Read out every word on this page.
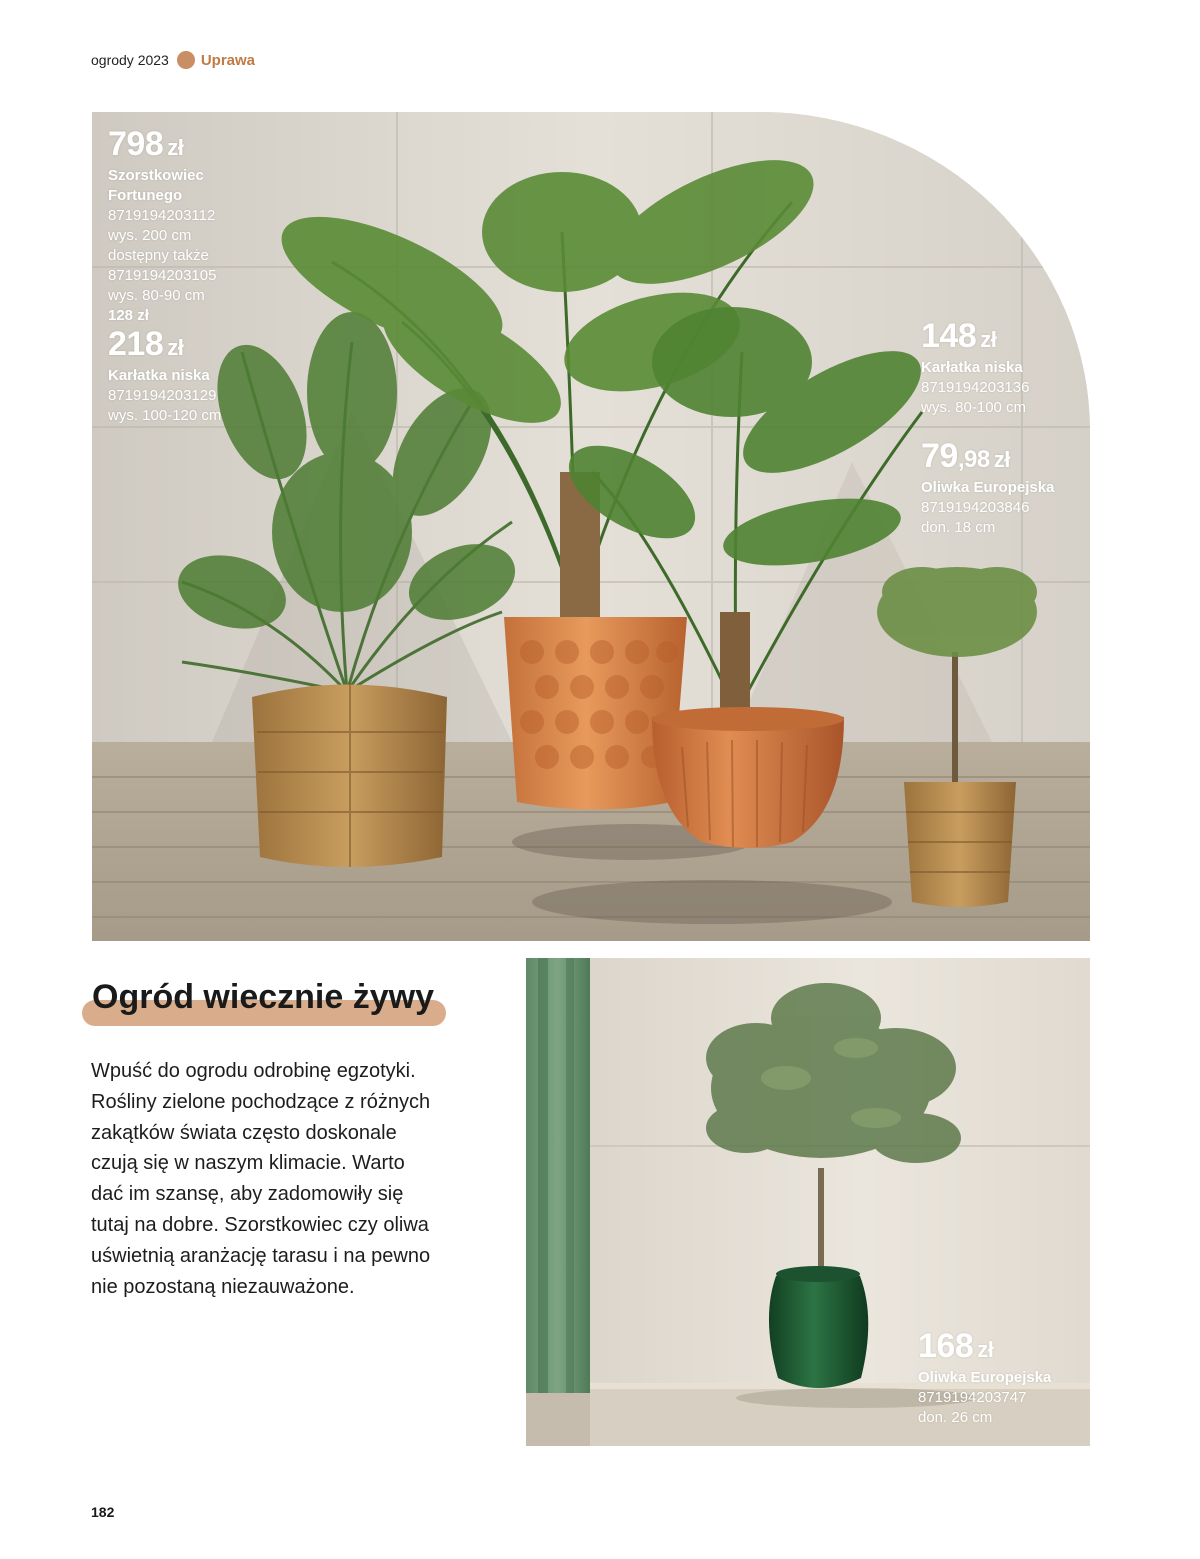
ogrody 2023 Uprawa
798 zł
Szorstkowiec
Fortunego
8719194203112
wys. 200 cm
dostępny także
8719194203105
wys. 80-90 cm
128 zł
218 zł
Karłatka niska
8719194203129
wys. 100-120 cm
148 zł
Karłatka niska
8719194203136
wys. 80-100 cm
79,98 zł
Oliwka Europejska
8719194203846
don. 18 cm
Ogród wiecznie żywy
Wpuść do ogrodu odrobinę egzotyki.
Rośliny zielone pochodzące z różnych
zakątków świata często doskonale
czują się w naszym klimacie. Warto
dać im szansę, aby zadomowiły się
tutaj na dobre. Szorstkowiec czy oliwa
uświetnią aranżację tarasu i na pewno
nie pozostaną niezauważone.
168 zł
Oliwka Europejska
8719194203747
don. 26 cm
182
